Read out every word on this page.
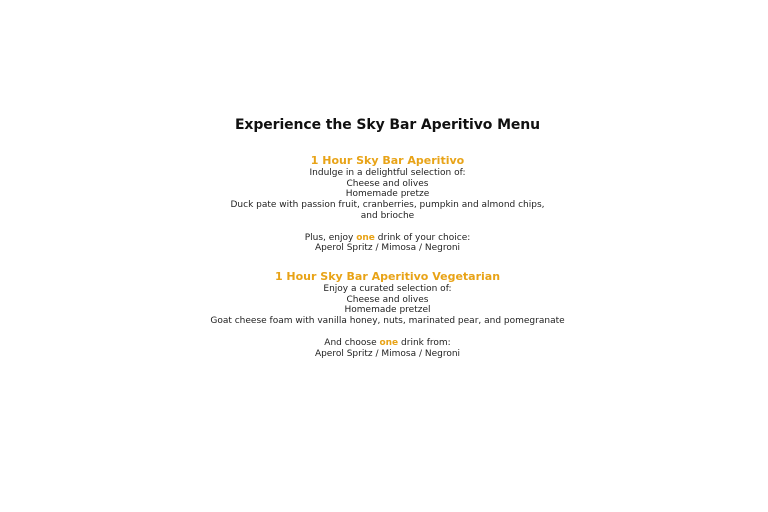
Experience the Sky Bar Aperitivo Menu
1 Hour Sky Bar Aperitivo
Indulge in a delightful selection of:
Cheese and olives
Homemade pretze
Duck pate with passion fruit, cranberries, pumpkin and almond chips, and brioche
Plus, enjoy one drink of your choice:
Aperol Spritz / Mimosa / Negroni
1 Hour Sky Bar Aperitivo Vegetarian
Enjoy a curated selection of:
Cheese and olives
Homemade pretzel
Goat cheese foam with vanilla honey, nuts, marinated pear, and pomegranate
And choose one drink from:
Aperol Spritz / Mimosa / Negroni
